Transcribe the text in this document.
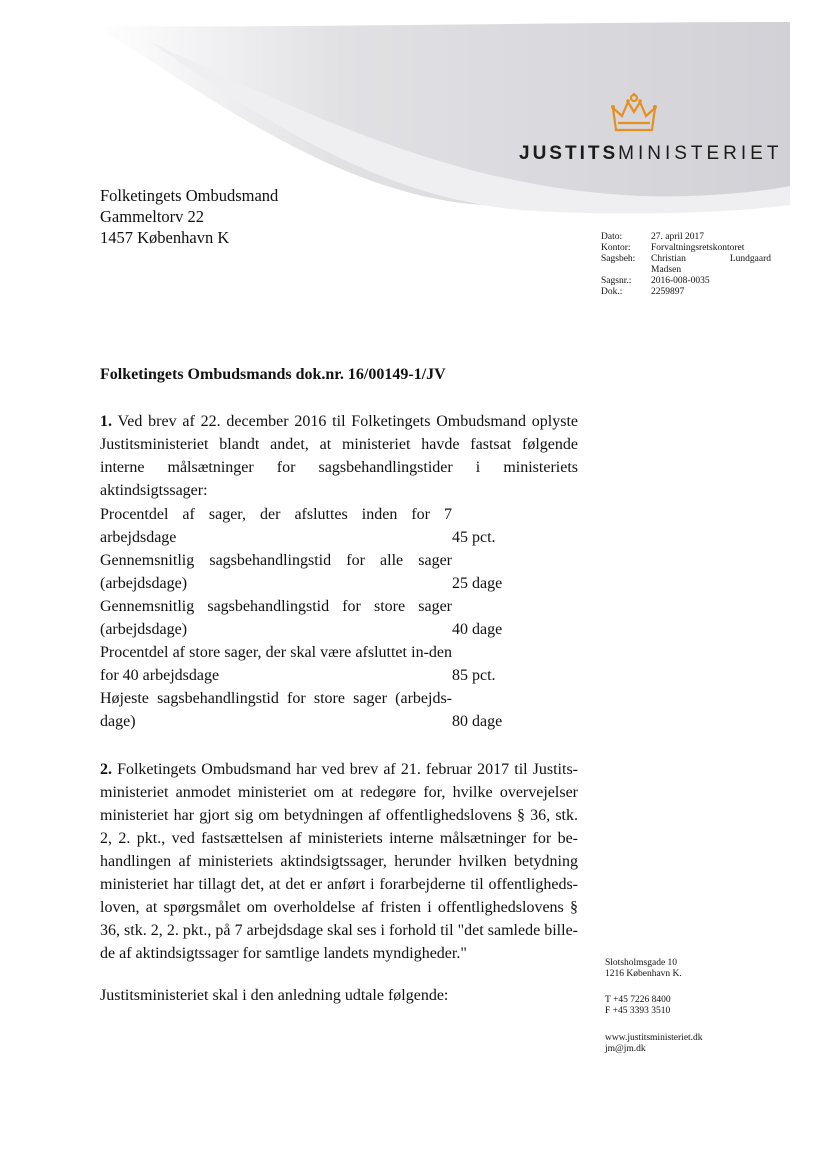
JUSTITSMINISTERIET
Folketingets Ombudsmand
Gammeltorv 22
1457 København K	Dato:	27. april 2017
Kontor:	Forvaltningsretskontoret
Sagsbeh:	Christian	Lundgaard
Madsen
Sagsnr.:	2016-008-0035
Dok.:	2259897
Folketingets Ombudsmands dok.nr. 16/00149-1/JV
1. Ved brev af 22. december 2016 til Folketingets Ombudsmand oplyste Justitsministeriet blandt andet, at ministeriet havde fastsat følgende interne målsætninger for sagsbehandlingstider i ministeriets aktindsigtssager:
Procentdel af sager, der afsluttes inden for 7 arbejdsdage	45 pct.
Gennemsnitlig sagsbehandlingstid for alle sager (arbejdsdage)	25 dage
Gennemsnitlig sagsbehandlingstid for store sager (arbejdsdage)	40 dage
Procentdel af store sager, der skal være afsluttet in-den for 40 arbejdsdage	85 pct.
Højeste sagsbehandlingstid for store sager (arbejds-dage)	80 dage
2. Folketingets Ombudsmand har ved brev af 21. februar 2017 til Justits-ministeriet anmodet ministeriet om at redegøre for, hvilke overvejelser ministeriet har gjort sig om betydningen af offentlighedslovens § 36, stk. 2, 2. pkt., ved fastsættelsen af ministeriets interne målsætninger for be-handlingen af ministeriets aktindsigtssager, herunder hvilken betydning ministeriet har tillagt det, at det er anført i forarbejderne til offentligheds-loven, at spørgsmålet om overholdelse af fristen i offentlighedslovens § 36, stk. 2, 2. pkt., på 7 arbejdsdage skal ses i forhold til "det samlede bille-de af aktindsigtssager for samtlige landets myndigheder."
Justitsministeriet skal i den anledning udtale følgende:
Slotsholmsgade 10
1216 København K.
T +45 7226 8400
F +45 3393 3510
www.justitsministeriet.dk
jm@jm.dk
